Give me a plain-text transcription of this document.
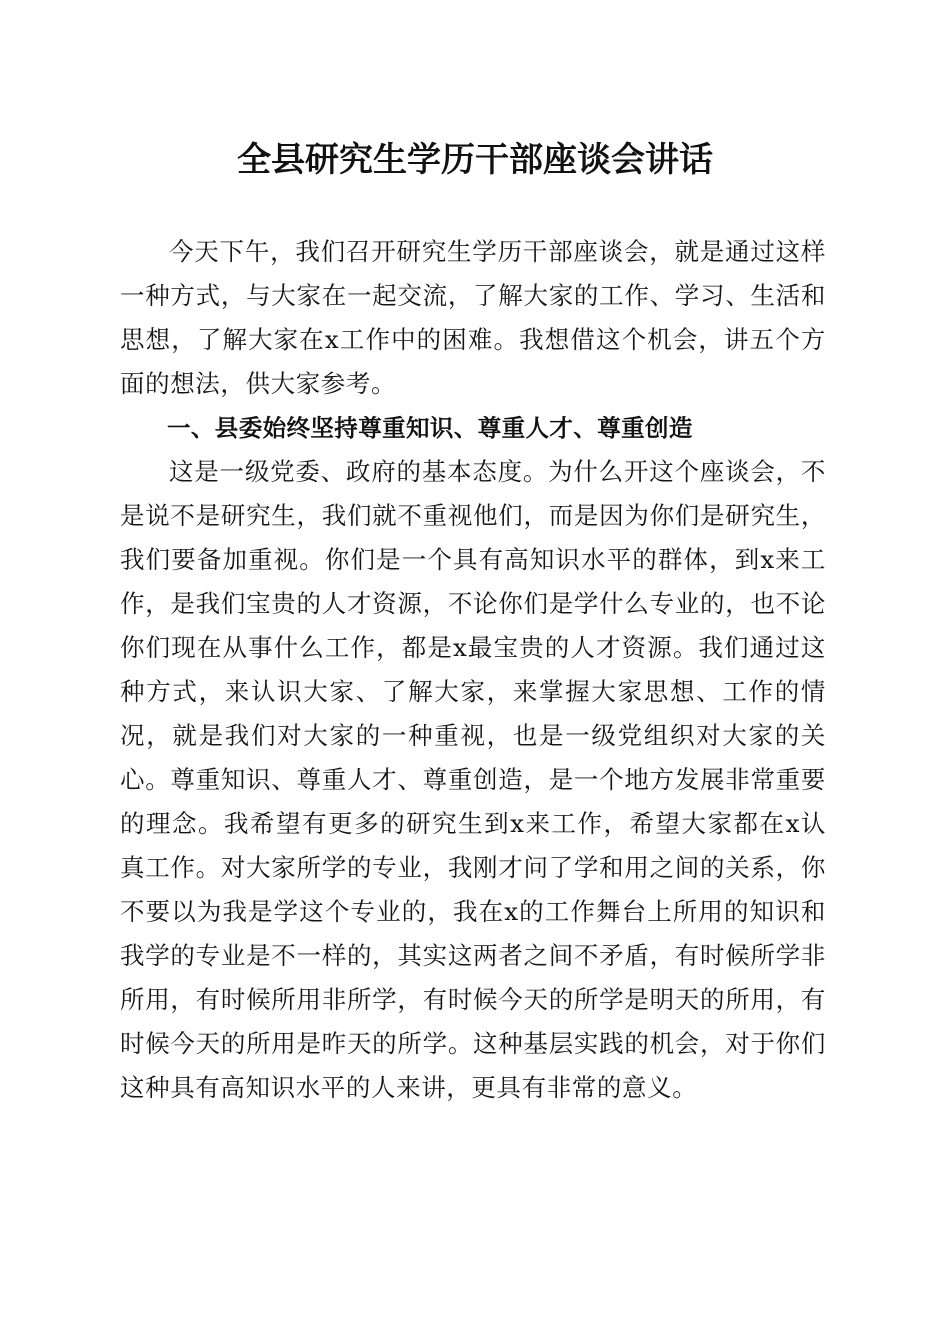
全县研究生学历干部座谈会讲话

今天下午，我们召开研究生学历干部座谈会，就是通过这样一种方式，与大家在一起交流，了解大家的工作、学习、生活和思想，了解大家在x工作中的困难。我想借这个机会，讲五个方面的想法，供大家参考。

一、县委始终坚持尊重知识、尊重人才、尊重创造

这是一级党委、政府的基本态度。为什么开这个座谈会，不是说不是研究生，我们就不重视他们，而是因为你们是研究生，我们要备加重视。你们是一个具有高知识水平的群体，到x来工作，是我们宝贵的人才资源，不论你们是学什么专业的，也不论你们现在从事什么工作，都是x最宝贵的人才资源。我们通过这种方式，来认识大家、了解大家，来掌握大家思想、工作的情况，就是我们对大家的一种重视，也是一级党组织对大家的关心。尊重知识、尊重人才、尊重创造，是一个地方发展非常重要的理念。我希望有更多的研究生到x来工作，希望大家都在x认真工作。对大家所学的专业，我刚才问了学和用之间的关系，你不要以为我是学这个专业的，我在x的工作舞台上所用的知识和我学的专业是不一样的，其实这两者之间不矛盾，有时候所学非所用，有时候所用非所学，有时候今天的所学是明天的所用，有时候今天的所用是昨天的所学。这种基层实践的机会，对于你们这种具有高知识水平的人来讲，更具有非常的意义。
